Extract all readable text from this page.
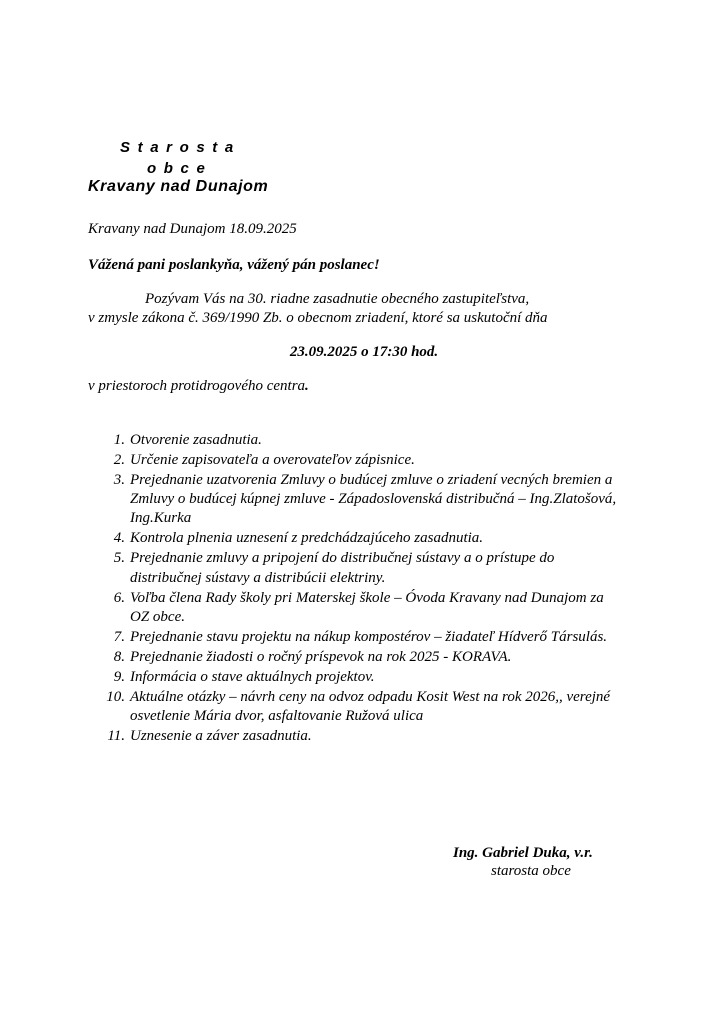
Starosta
obce
Kravany nad Dunajom
Kravany nad Dunajom 18.09.2025
Vážená pani poslankyňa, vážený pán poslanec!
Pozývam Vás na 30. riadne zasadnutie obecného zastupiteľstva,
v zmysle zákona č. 369/1990 Zb. o obecnom zriadení, ktoré sa uskutoční dňa
23.09.2025 o 17:30 hod.
v priestoroch protidrogového centra.
1. Otvorenie zasadnutia.
2. Určenie zapisovateľa a overovateľov zápisnice.
3. Prejednanie uzatvorenia Zmluvy o budúcej zmluve o zriadení vecných bremien a Zmluvy o budúcej kúpnej zmluve - Západoslovenská distribučná – Ing.Zlatošová, Ing.Kurka
4. Kontrola plnenia uznesení z predchádzajúceho zasadnutia.
5. Prejednanie zmluvy a pripojení do distribučnej sústavy a o prístupe do distribučnej sústavy a distribúcii elektriny.
6. Voľba člena Rady školy pri Materskej škole – Óvoda Kravany nad Dunajom za OZ obce.
7. Prejednanie stavu projektu na nákup kompostérov – žiadateľ Hídverő Társulás.
8. Prejednanie žiadosti o ročný príspevok na rok 2025 - KORAVA.
9. Informácia o stave aktuálnych projektov.
10. Aktuálne otázky – návrh ceny na odvoz odpadu Kosit West na rok 2026,, verejné osvetlenie Mária dvor, asfaltovanie Ružová ulica
11. Uznesenie a záver zasadnutia.
Ing. Gabriel Duka, v.r.
starosta obce
